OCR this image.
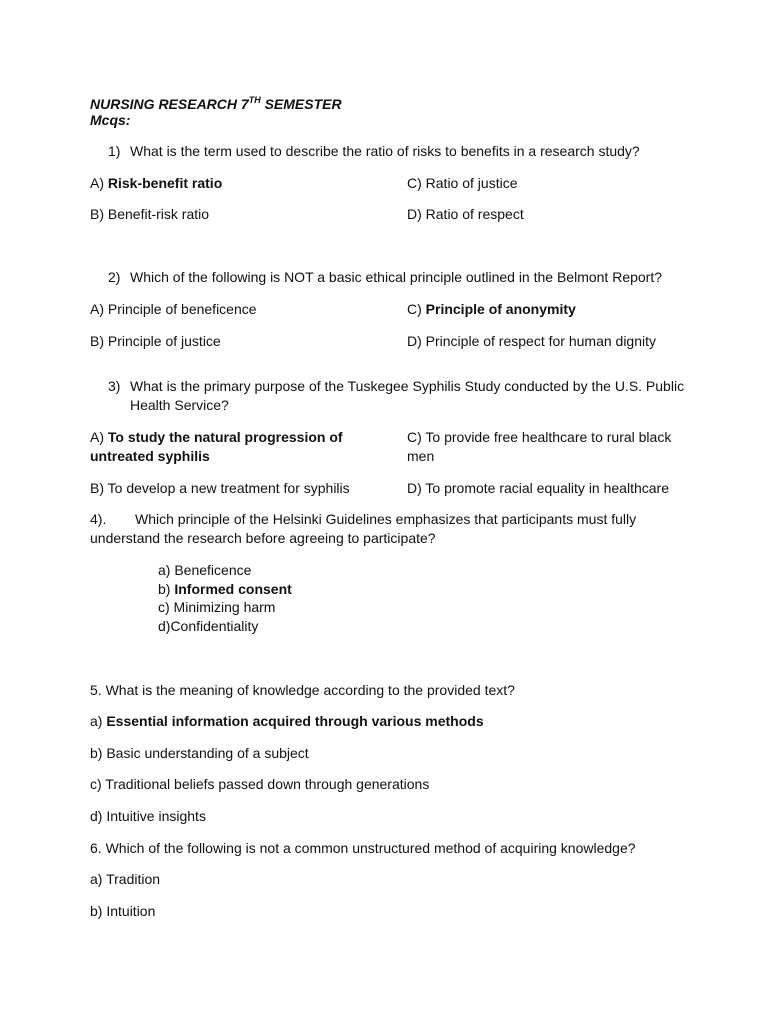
NURSING RESEARCH 7TH SEMESTER
Mcqs:
1) What is the term used to describe the ratio of risks to benefits in a research study?
A) Risk-benefit ratio
B) Benefit-risk ratio
C) Ratio of justice
D) Ratio of respect
2) Which of the following is NOT a basic ethical principle outlined in the Belmont Report?
A) Principle of beneficence
B) Principle of justice
C) Principle of anonymity
D) Principle of respect for human dignity
3) What is the primary purpose of the Tuskegee Syphilis Study conducted by the U.S. Public
Health Service?
A) To study the natural progression of
untreated syphilis
B) To develop a new treatment for syphilis
C) To provide free healthcare to rural black
men
D) To promote racial equality in healthcare
4). Which principle of the Helsinki Guidelines emphasizes that participants must fully
understand the research before agreeing to participate?
a) Beneficence
b) Informed consent
c) Minimizing harm
d)Confidentiality
5. What is the meaning of knowledge according to the provided text?
a) Essential information acquired through various methods
b) Basic understanding of a subject
c) Traditional beliefs passed down through generations
d) Intuitive insights
6. Which of the following is not a common unstructured method of acquiring knowledge?
a) Tradition
b) Intuition
